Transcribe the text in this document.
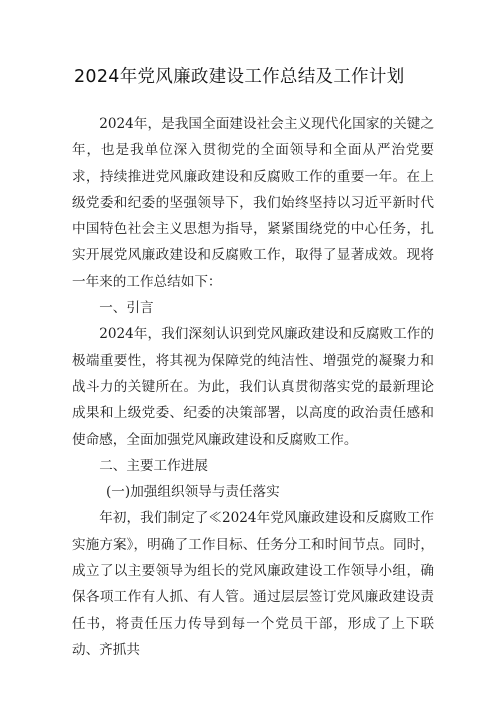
2024年党风廉政建设工作总结及工作计划

2024年，是我国全面建设社会主义现代化国家的关键之年，也是我单位深入贯彻党的全面领导和全面从严治党要求，持续推进党风廉政建设和反腐败工作的重要一年。在上级党委和纪委的坚强领导下，我们始终坚持以习近平新时代中国特色社会主义思想为指导，紧紧围绕党的中心任务，扎实开展党风廉政建设和反腐败工作，取得了显著成效。现将一年来的工作总结如下：

一、引言

2024年，我们深刻认识到党风廉政建设和反腐败工作的极端重要性，将其视为保障党的纯洁性、增强党的凝聚力和战斗力的关键所在。为此，我们认真贯彻落实党的最新理论成果和上级党委、纪委的决策部署，以高度的政治责任感和使命感，全面加强党风廉政建设和反腐败工作。

二、主要工作进展

(一)加强组织领导与责任落实

年初，我们制定了≪2024年党风廉政建设和反腐败工作实施方案》，明确了工作目标、任务分工和时间节点。同时，成立了以主要领导为组长的党风廉政建设工作领导小组，确保各项工作有人抓、有人管。通过层层签订党风廉政建设责任书，将责任压力传导到每一个党员干部，形成了上下联动、齐抓共
